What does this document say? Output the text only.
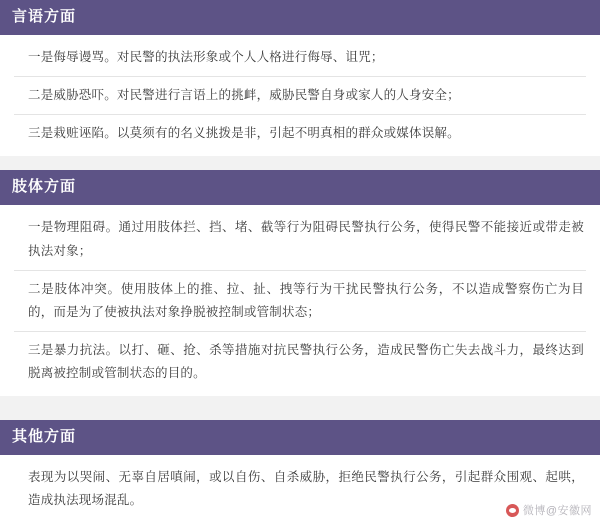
言语方面
一是侮辱谩骂。对民警的执法形象或个人人格进行侮辱、诅咒；
二是威胁恐吓。对民警进行言语上的挑衅，威胁民警自身或家人的人身安全；
三是栽赃诬陷。以莫须有的名义挑拨是非，引起不明真相的群众或媒体误解。
肢体方面
一是物理阻碍。通过用肢体拦、挡、堵、截等行为阻碍民警执行公务，使得民警不能接近或带走被执法对象；
二是肢体冲突。使用肢体上的推、拉、扯、拽等行为干扰民警执行公务，不以造成警察伤亡为目的，而是为了使被执法对象挣脱被控制或管制状态；
三是暴力抗法。以打、砸、抢、杀等措施对抗民警执行公务，造成民警伤亡失去战斗力，最终达到脱离被控制或管制状态的目的。
其他方面
表现为以哭闹、无辜自居嗔闹，或以自伤、自杀威胁，拒绝民警执行公务，引起群众围观、起哄，造成执法现场混乱。
微博@安徽网
